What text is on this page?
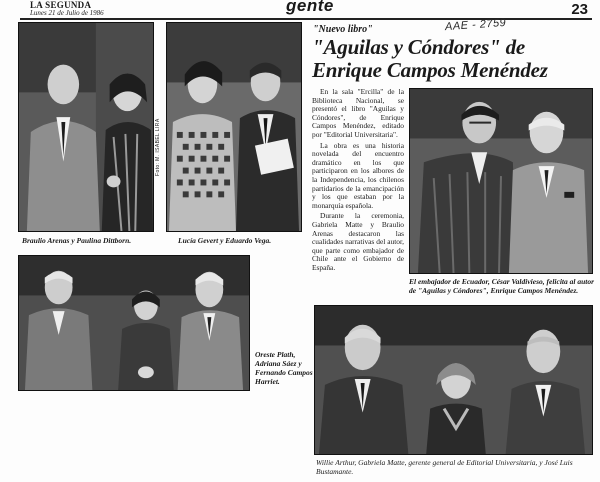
LA SEGUNDA
Lunes 21 de Julio de 1986	gente	23
AAE - 2759
Braulio Arenas y Paulina Dittborn.
Foto: M. ISABEL LIRA
Lucía Gevert y Eduardo Vega.
Oreste Plath, Adriana Sáez y Fernando Campos Harriet.
"Nuevo libro"
"Aguilas y Cóndores" de Enrique Campos Menéndez

En la sala "Ercilla" de la Biblioteca Nacional, se presentó el libro "Aguilas y Cóndores", de Enrique Campos Menéndez, editado por "Editorial Universitaria".

La obra es una historia novelada del encuentro dramático en los que participaron en los albores de la Independencia, los chilenos partidarios de la emancipación y los que estaban por la monarquía española.

Durante la ceremonia, Gabriela Matte y Braulio Arenas destacaron las cualidades narrativas del autor, que parte como embajador de Chile ante el Gobierno de España.

El embajador de Ecuador, César Valdivieso, felicita al autor de "Aguilas y Cóndores", Enrique Campos Menéndez.
Willie Arthur, Gabriela Matte, gerente general de Editorial Universitaria, y José Luis Bustamante.
